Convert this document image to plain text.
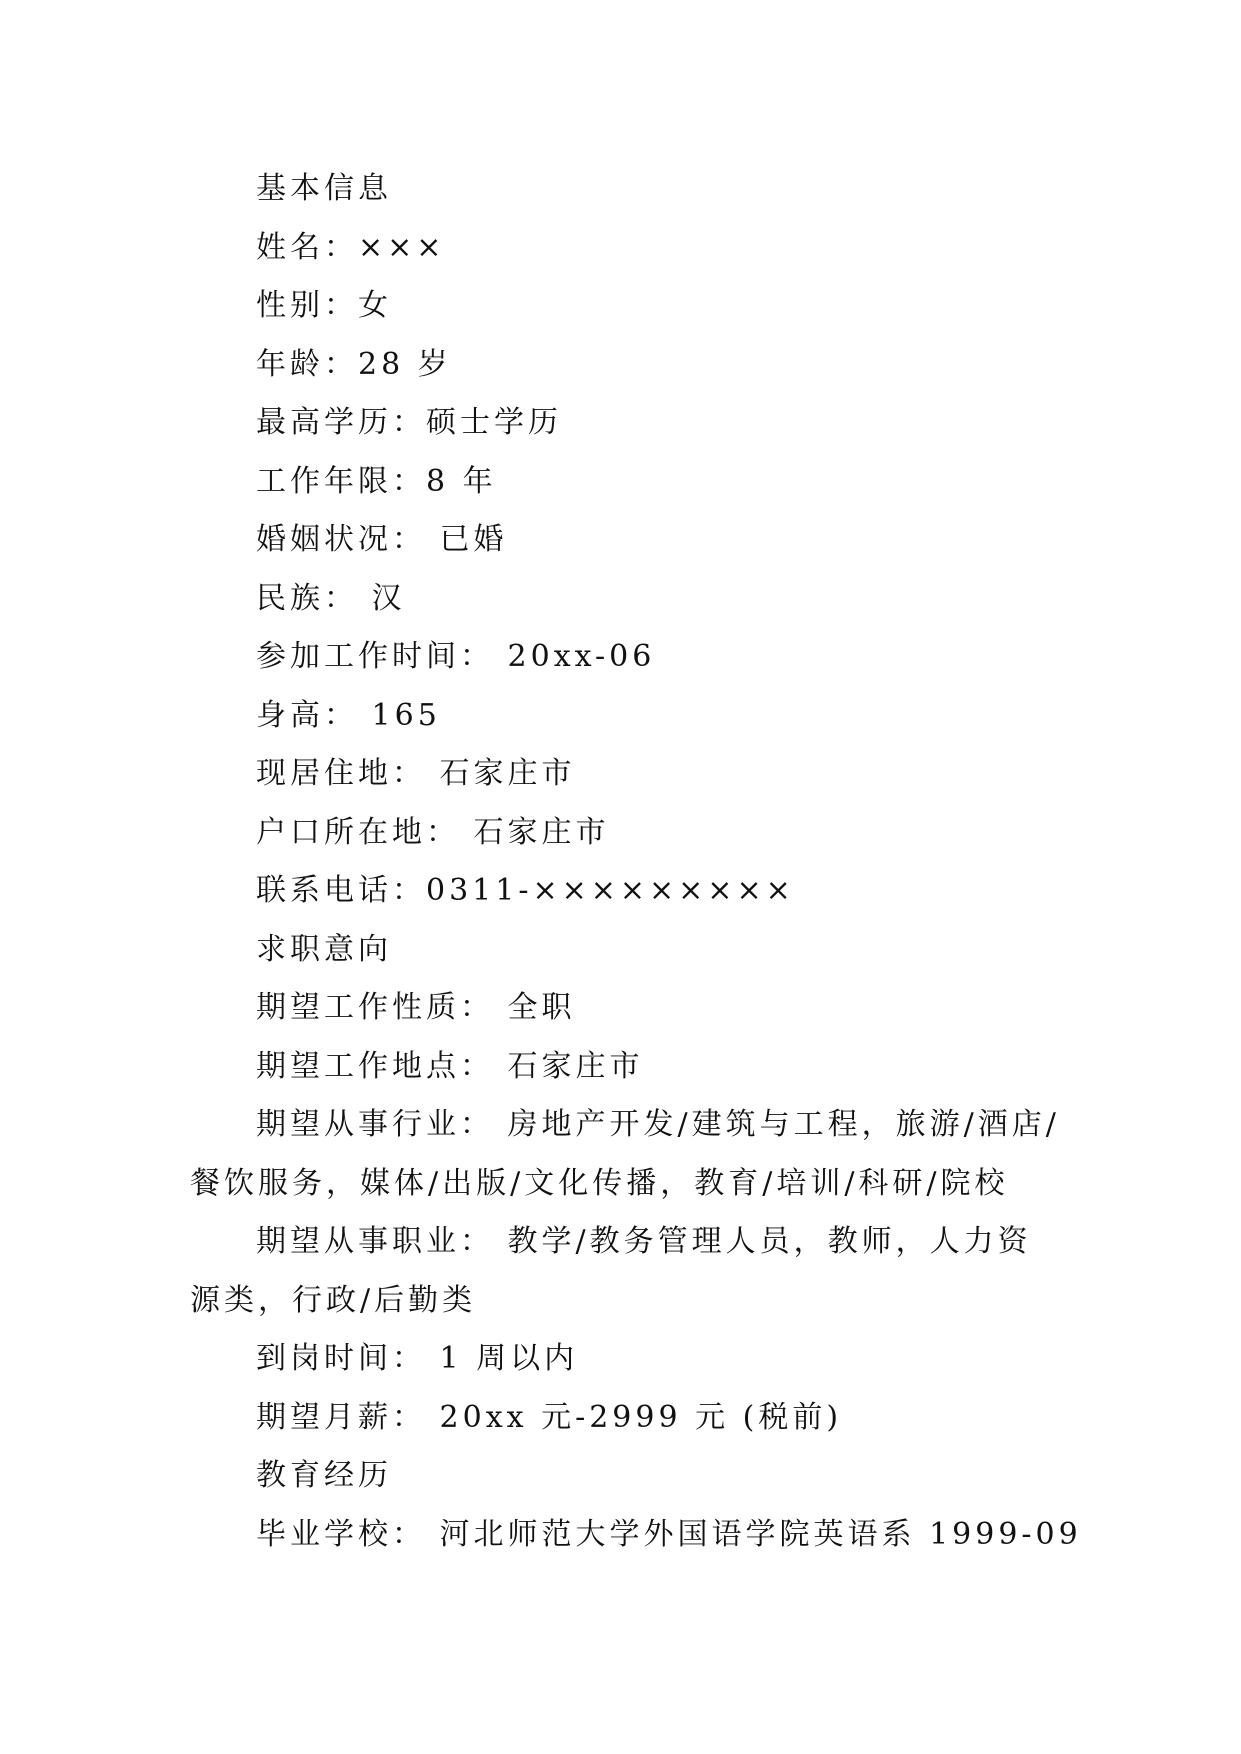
基本信息

姓名：×××

性别：女

年龄：28 岁

最高学历：硕士学历

工作年限：8 年

婚姻状况： 已婚

民族： 汉

参加工作时间： 20xx-06

身高： 165

现居住地： 石家庄市

户口所在地： 石家庄市

联系电话：0311-×××××××××

求职意向

期望工作性质： 全职

期望工作地点： 石家庄市

期望从事行业： 房地产开发/建筑与工程，旅游/酒店/餐饮服务，媒体/出版/文化传播，教育/培训/科研/院校

期望从事职业： 教学/教务管理人员，教师，人力资源类，行政/后勤类

到岗时间： 1 周以内

期望月薪： 20xx 元-2999 元 (税前)

教育经历

毕业学校： 河北师范大学外国语学院英语系 1999-09
